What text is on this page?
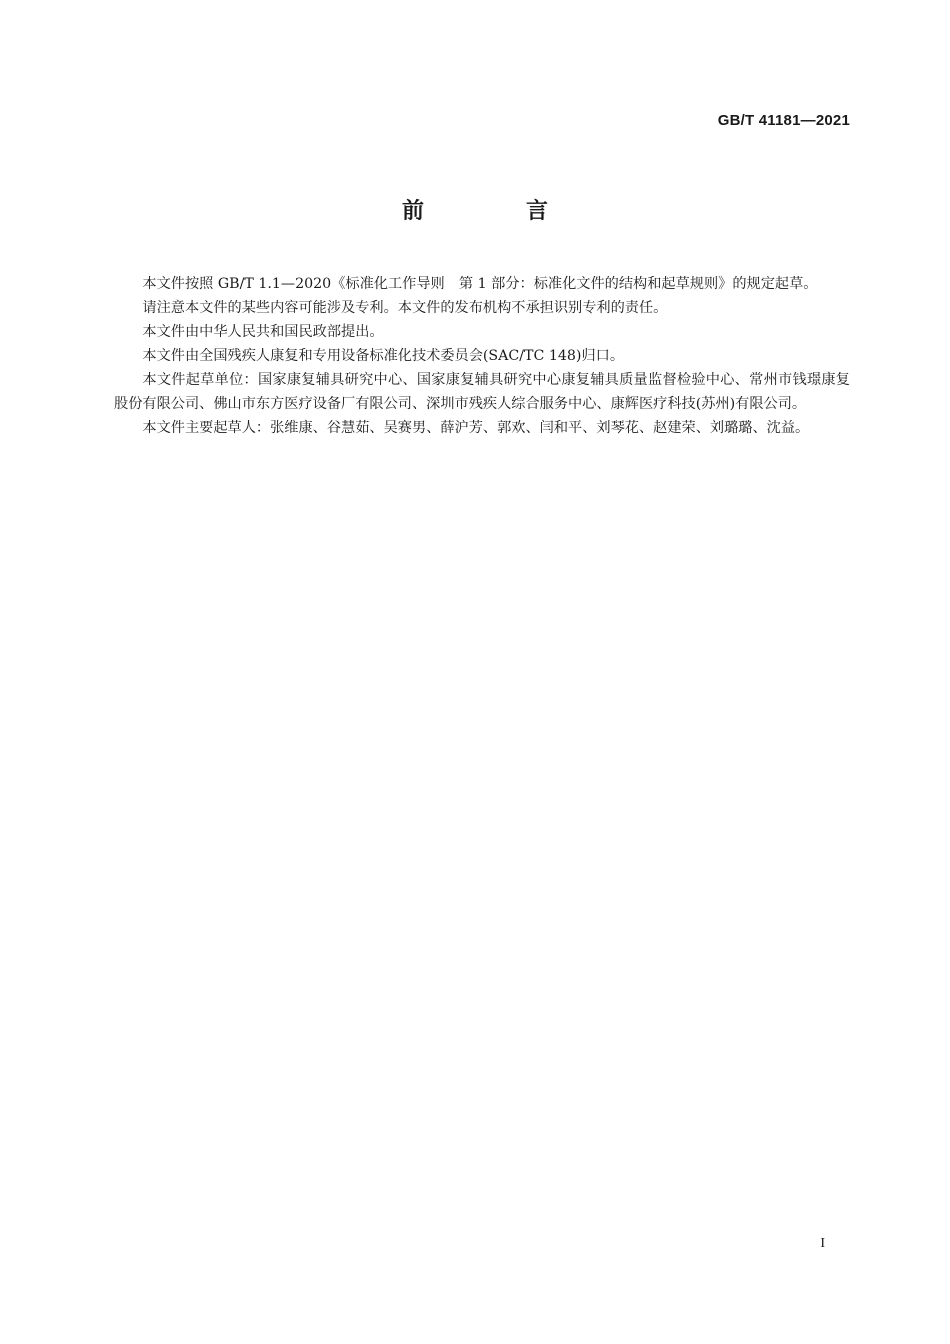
GB/T 41181—2021
前　言

本文件按照 GB/T 1.1—2020《标准化工作导则　第 1 部分：标准化文件的结构和起草规则》的规定起草。

请注意本文件的某些内容可能涉及专利。本文件的发布机构不承担识别专利的责任。

本文件由中华人民共和国民政部提出。

本文件由全国残疾人康复和专用设备标准化技术委员会(SAC/TC 148)归口。

本文件起草单位：国家康复辅具研究中心、国家康复辅具研究中心康复辅具质量监督检验中心、常州市钱璟康复股份有限公司、佛山市东方医疗设备厂有限公司、深圳市残疾人综合服务中心、康辉医疗科技(苏州)有限公司。

本文件主要起草人：张维康、谷慧茹、吴赛男、薛沪芳、郭欢、闫和平、刘琴花、赵建荣、刘璐璐、沈益。

I
